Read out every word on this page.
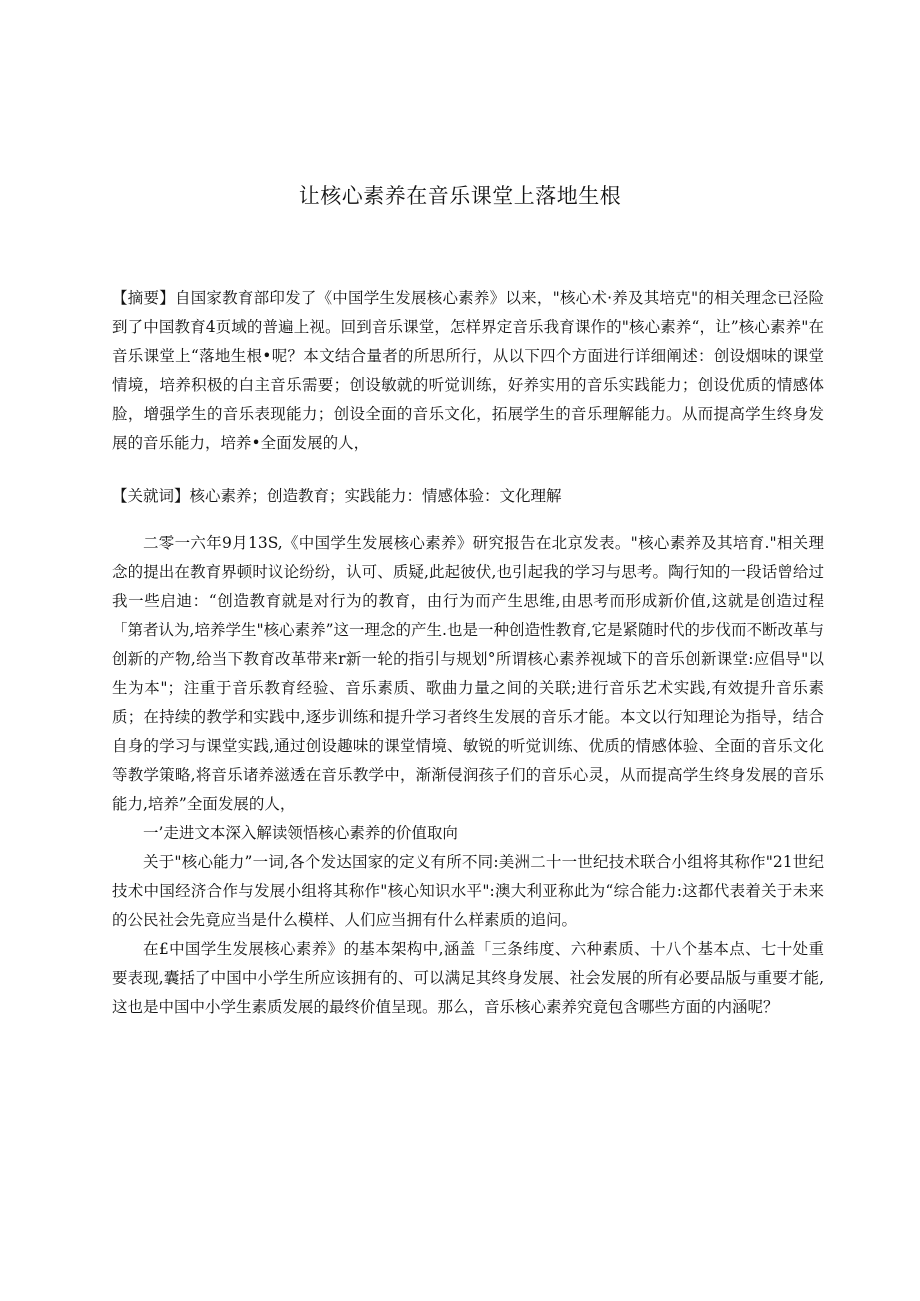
让核心素养在音乐课堂上落地生根

【摘要】自国家教育部印发了《中国学生发展核心素养》以来，"核心术·养及其培克"的相关理念已泾险到了中国教育4页域的普遍上视。回到音乐课堂，怎样界定音乐我育课作的"核心素养“，让”核心素养"在音乐课堂上“落地生根•呢？本文结合量者的所思所行，从以下四个方面进行详细阐述：创设烟味的课堂情境，培养积极的白主音乐需要；创设敏就的听觉训练，好养实用的音乐实践能力；创设优质的情感体脸，增强学生的音乐表现能力；创设全面的音乐文化，拓展学生的音乐理解能力。从而提高学生终身发展的音乐能力，培养•全面发展的人，

【关就词】核心素养；创造教育；实践能力：情感体验：文化理解

二零一六年9月13S,《中国学生发展核心素养》研究报告在北京发表。"核心素养及其培育."相关理念的提出在教育界顿时议论纷纷，认可、质疑,此起彼伏,也引起我的学习与思考。陶行知的一段话曾给过我一些启迪：“创造教育就是对行为的教育，由行为而产生思维,由思考而形成新价值,这就是创造过程「第者认为,培养学生"核心素养”这一理念的产生.也是一种创造性教育,它是紧随时代的步伐而不断改革与创新的产物,给当下教育改革带来r新一轮的指引与规划°所谓核心素养视域下的音乐创新课堂:应倡导"以生为本"；注重于音乐教育经验、音乐素质、歌曲力量之间的关联;进行音乐艺术实践,有效提升音乐素质；在持续的教学和实践中,逐步训练和提升学习者终生发展的音乐才能。本文以行知理论为指导，结合自身的学习与课堂实践,通过创设趣味的课堂情境、敏锐的听觉训练、优质的情感体验、全面的音乐文化等教学策略,将音乐诸养滋透在音乐教学中，渐渐侵润孩子们的音乐心灵，从而提高学生终身发展的音乐能力,培养”全面发展的人，

一’走进文本深入解读领悟核心素养的价值取向

关于"核心能力”一词,各个发达国家的定义有所不同:美洲二十一世纪技术联合小组将其称作"21世纪技术中国经济合作与发展小组将其称作"核心知识水平":澳大利亚称此为“综合能力:这都代表着关于未来的公民社会先竟应当是什么模样、人们应当拥有什么样素质的追问。

在£中国学生发展核心素养》的基本架构中,涵盖「三条纬度、六种素质、十八个基本点、七十处重要表现,囊括了中国中小学生所应该拥有的、可以满足其终身发展、社会发展的所有必要品版与重要才能,这也是中国中小学生素质发展的最终价值呈现。那么，音乐核心素养究竟包含哪些方面的内涵呢？
